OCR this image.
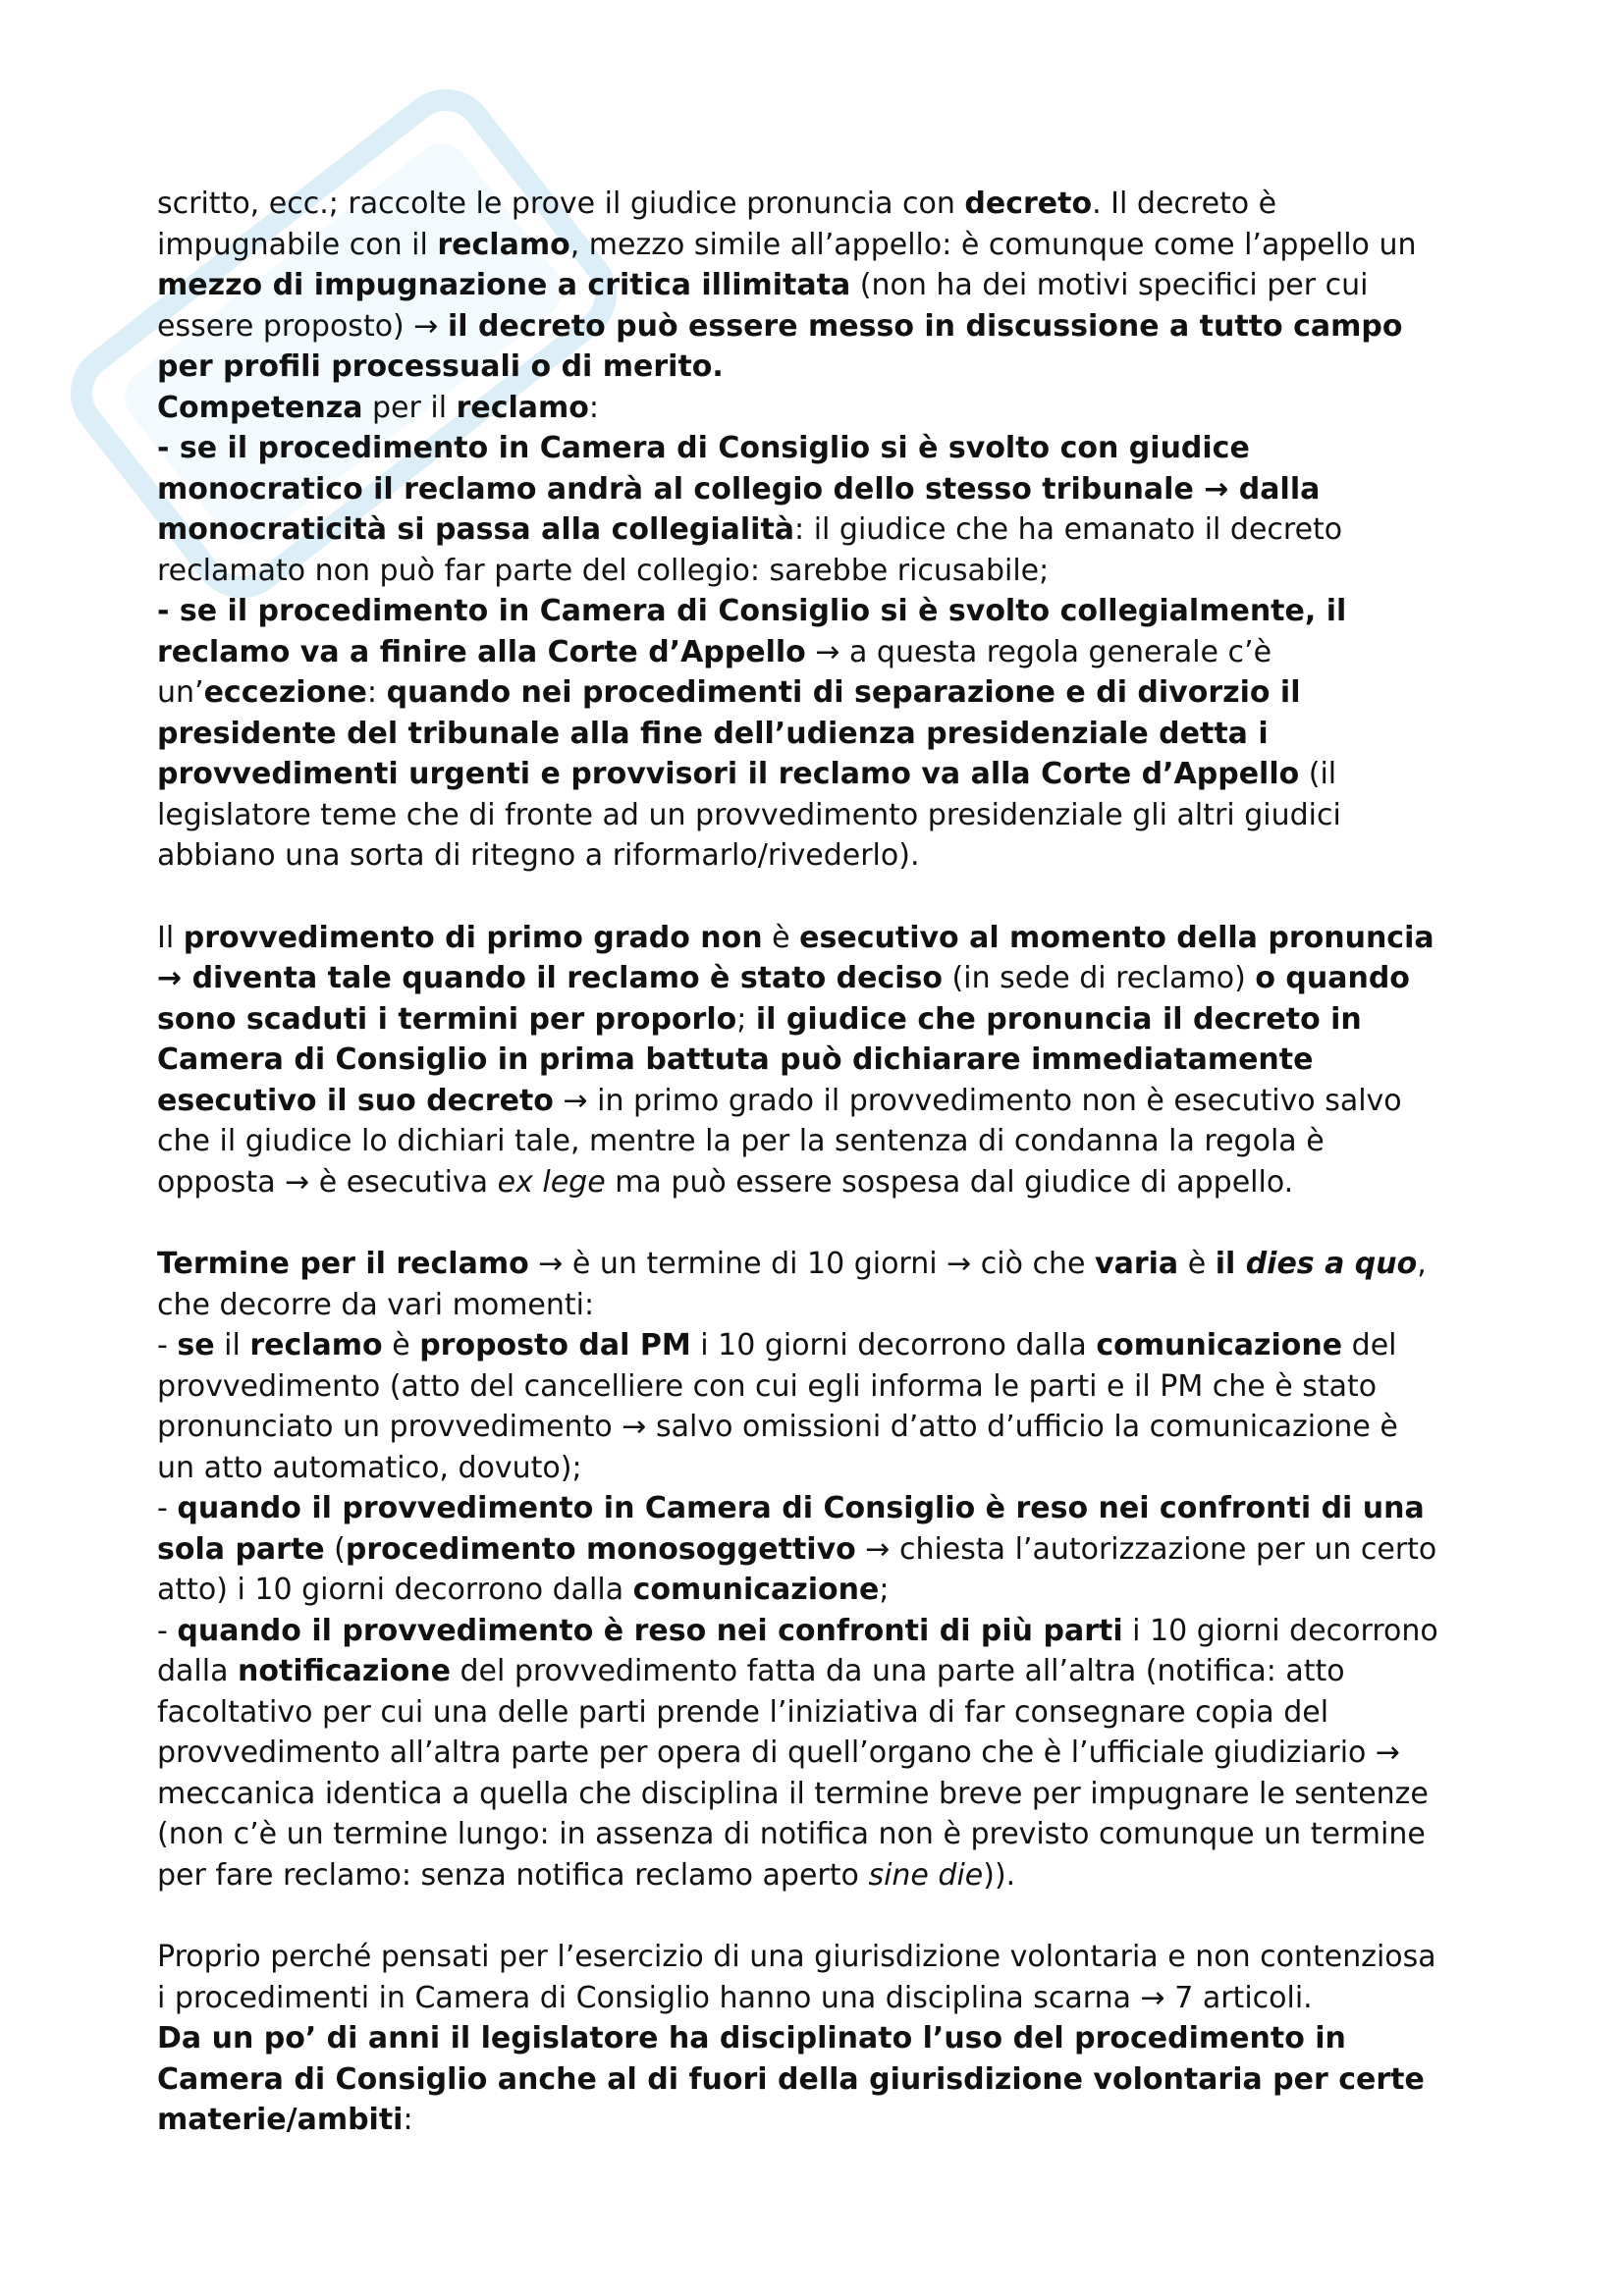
scritto, ecc.; raccolte le prove il giudice pronuncia con decreto. Il decreto è
impugnabile con il reclamo, mezzo simile all’appello: è comunque come l’appello un
mezzo di impugnazione a critica illimitata (non ha dei motivi specifici per cui
essere proposto) → il decreto può essere messo in discussione a tutto campo
per profili processuali o di merito.
Competenza per il reclamo:
- se il procedimento in Camera di Consiglio si è svolto con giudice
monocratico il reclamo andrà al collegio dello stesso tribunale → dalla
monocraticità si passa alla collegialità: il giudice che ha emanato il decreto
reclamato non può far parte del collegio: sarebbe ricusabile;
- se il procedimento in Camera di Consiglio si è svolto collegialmente, il
reclamo va a finire alla Corte d’Appello → a questa regola generale c’è
un’eccezione: quando nei procedimenti di separazione e di divorzio il
presidente del tribunale alla fine dell’udienza presidenziale detta i
provvedimenti urgenti e provvisori il reclamo va alla Corte d’Appello (il
legislatore teme che di fronte ad un provvedimento presidenziale gli altri giudici
abbiano una sorta di ritegno a riformarlo/rivederlo).
Il provvedimento di primo grado non è esecutivo al momento della pronuncia
→ diventa tale quando il reclamo è stato deciso (in sede di reclamo) o quando
sono scaduti i termini per proporlo; il giudice che pronuncia il decreto in
Camera di Consiglio in prima battuta può dichiarare immediatamente
esecutivo il suo decreto → in primo grado il provvedimento non è esecutivo salvo
che il giudice lo dichiari tale, mentre la per la sentenza di condanna la regola è
opposta → è esecutiva ex lege ma può essere sospesa dal giudice di appello.
Termine per il reclamo → è un termine di 10 giorni → ciò che varia è il dies a quo,
che decorre da vari momenti:
- se il reclamo è proposto dal PM i 10 giorni decorrono dalla comunicazione del
provvedimento (atto del cancelliere con cui egli informa le parti e il PM che è stato
pronunciato un provvedimento → salvo omissioni d’atto d’ufficio la comunicazione è
un atto automatico, dovuto);
- quando il provvedimento in Camera di Consiglio è reso nei confronti di una
sola parte (procedimento monosoggettivo → chiesta l’autorizzazione per un certo
atto) i 10 giorni decorrono dalla comunicazione;
- quando il provvedimento è reso nei confronti di più parti i 10 giorni decorrono
dalla notificazione del provvedimento fatta da una parte all’altra (notifica: atto
facoltativo per cui una delle parti prende l’iniziativa di far consegnare copia del
provvedimento all’altra parte per opera di quell’organo che è l’ufficiale giudiziario →
meccanica identica a quella che disciplina il termine breve per impugnare le sentenze
(non c’è un termine lungo: in assenza di notifica non è previsto comunque un termine
per fare reclamo: senza notifica reclamo aperto sine die)).
Proprio perché pensati per l’esercizio di una giurisdizione volontaria e non contenziosa
i procedimenti in Camera di Consiglio hanno una disciplina scarna → 7 articoli.
Da un po’ di anni il legislatore ha disciplinato l’uso del procedimento in
Camera di Consiglio anche al di fuori della giurisdizione volontaria per certe
materie/ambiti:
